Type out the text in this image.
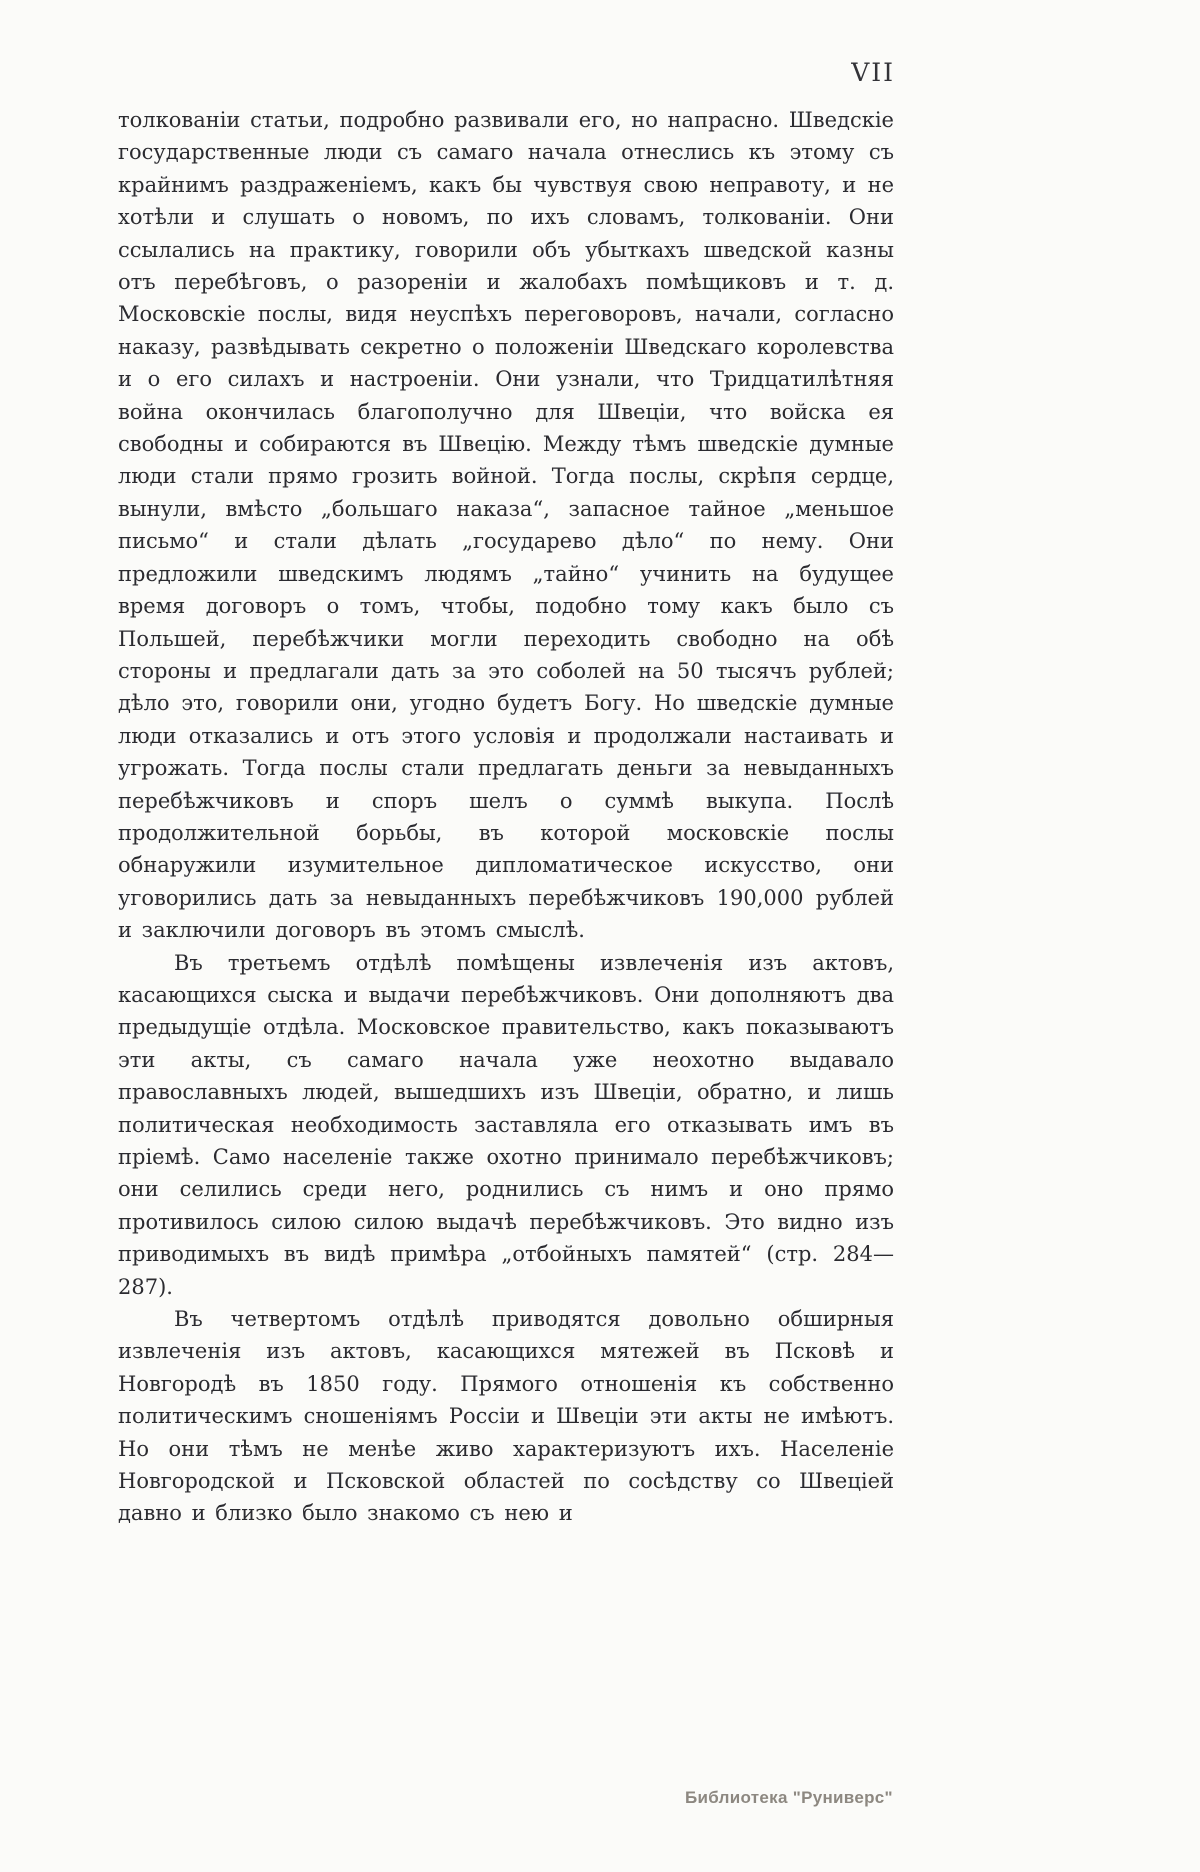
VII

толкованіи статьи, подробно развивали его, но напрасно. Шведскіе государственные люди съ самаго начала отнеслись къ этому съ крайнимъ раздраженіемъ, какъ бы чувствуя свою неправоту, и не хотѣли и слушать о новомъ, по ихъ словамъ, толкованіи. Они ссылались на практику, говорили объ убыткахъ шведской казны отъ перебѣговъ, о разореніи и жалобахъ помѣщиковъ и т. д. Московскіе послы, видя неуспѣхъ переговоровъ, начали, согласно наказу, развѣдывать секретно о положеніи Шведскаго королевства и о его силахъ и настроеніи. Они узнали, что Тридцатилѣтняя война окончилась благополучно для Швеціи, что войска ея свободны и собираются въ Швецію. Между тѣмъ шведскіе думные люди стали прямо грозить войной. Тогда послы, скрѣпя сердце, вынули, вмѣсто „большаго наказа“, запасное тайное „меньшое письмо“ и стали дѣлать „государево дѣло“ по нему. Они предложили шведскимъ людямъ „тайно“ учинить на будущее время договоръ о томъ, чтобы, подобно тому какъ было съ Польшей, перебѣжчики могли переходить свободно на обѣ стороны и предлагали дать за это соболей на 50 тысячъ рублей; дѣло это, говорили они, угодно будетъ Богу. Но шведскіе думные люди отказались и отъ этого условія и продолжали настаивать и угрожать. Тогда послы стали предлагать деньги за невыданныхъ перебѣжчиковъ и споръ шелъ о суммѣ выкупа. Послѣ продолжительной борьбы, въ которой московскіе послы обнаружили изумительное дипломатическое искусство, они уговорились дать за невыданныхъ перебѣжчиковъ 190,000 рублей и заключили договоръ въ этомъ смыслѣ.

Въ третьемъ отдѣлѣ помѣщены извлеченія изъ актовъ, касающихся сыска и выдачи перебѣжчиковъ. Они дополняютъ два предыдущіе отдѣла. Московское правительство, какъ показываютъ эти акты, съ самаго начала уже неохотно выдавало православныхъ людей, вышедшихъ изъ Швеціи, обратно, и лишь политическая необходимость заставляла его отказывать имъ въ пріемѣ. Само населеніе также охотно принимало перебѣжчиковъ; они селились среди него, роднились съ нимъ и оно прямо противилось силою силою выдачѣ перебѣжчиковъ. Это видно изъ приводимыхъ въ видѣ примѣра „отбойныхъ памятей“ (стр. 284—287).

Въ четвертомъ отдѣлѣ приводятся довольно обширныя извлеченія изъ актовъ, касающихся мятежей въ Псковѣ и Новгородѣ въ 1850 году. Прямого отношенія къ собственно политическимъ сношеніямъ Россіи и Швеціи эти акты не имѣютъ. Но они тѣмъ не менѣе живо характеризуютъ ихъ. Населеніе Новгородской и Псковской областей по сосѣдству со Швеціей давно и близко было знакомо съ нею и

Библиотека "Руниверс"
